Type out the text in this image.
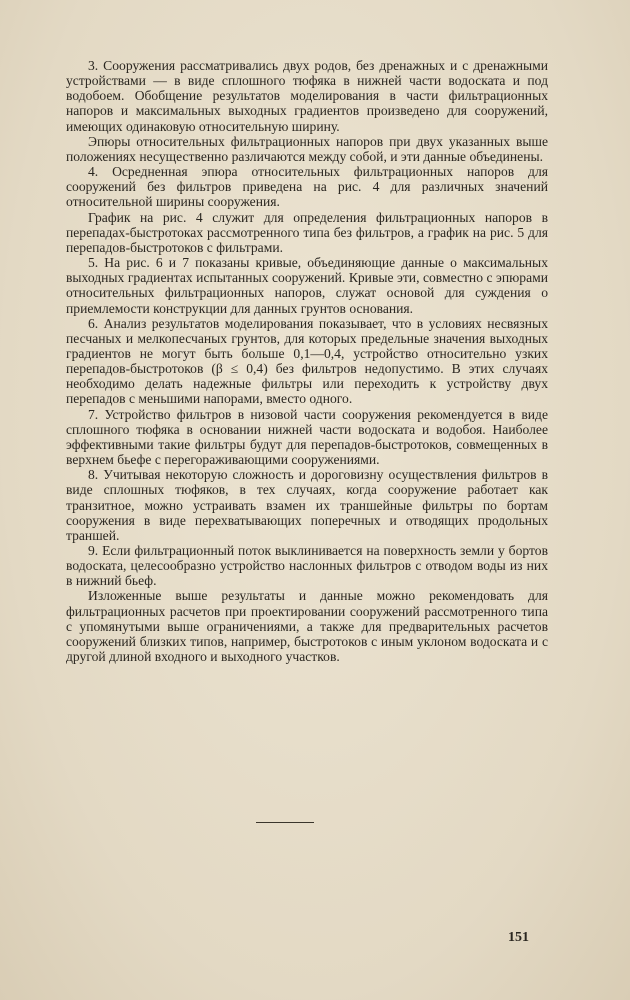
3. Сооружения рассматривались двух родов, без дренажных и с дренажными устройствами — в виде сплошного тюфяка в нижней части водоската и под водобоем. Обобщение результатов моделирования в части фильтрационных напоров и максимальных выходных градиентов произведено для сооружений, имеющих одинаковую относительную ширину.

Эпюры относительных фильтрационных напоров при двух указанных выше положениях несущественно различаются между собой, и эти данные объединены.

4. Осредненная эпюра относительных фильтрационных напоров для сооружений без фильтров приведена на рис. 4 для различных значений относительной ширины сооружения.

График на рис. 4 служит для определения фильтрационных напоров в перепадах-быстротоках рассмотренного типа без фильтров, а график на рис. 5 для перепадов-быстротоков с фильтрами.

5. На рис. 6 и 7 показаны кривые, объединяющие данные о максимальных выходных градиентах испытанных сооружений. Кривые эти, совместно с эпюрами относительных фильтрационных напоров, служат основой для суждения о приемлемости конструкции для данных грунтов основания.

6. Анализ результатов моделирования показывает, что в условиях несвязных песчаных и мелкопесчаных грунтов, для которых предельные значения выходных градиентов не могут быть больше 0,1—0,4, устройство относительно узких перепадов-быстротоков (β ≤ 0,4) без фильтров недопустимо. В этих случаях необходимо делать надежные фильтры или переходить к устройству двух перепадов с меньшими напорами, вместо одного.

7. Устройство фильтров в низовой части сооружения рекомендуется в виде сплошного тюфяка в основании нижней части водоската и водобоя. Наиболее эффективными такие фильтры будут для перепадов-быстротоков, совмещенных в верхнем бьефе с перегораживающими сооружениями.

8. Учитывая некоторую сложность и дороговизну осуществления фильтров в виде сплошных тюфяков, в тех случаях, когда сооружение работает как транзитное, можно устраивать взамен их траншейные фильтры по бортам сооружения в виде перехватывающих поперечных и отводящих продольных траншей.

9. Если фильтрационный поток выклинивается на поверхность земли у бортов водоската, целесообразно устройство наслонных фильтров с отводом воды из них в нижний бьеф.

Изложенные выше результаты и данные можно рекомендовать для фильтрационных расчетов при проектировании сооружений рассмотренного типа с упомянутыми выше ограничениями, а также для предварительных расчетов сооружений близких типов, например, быстротоков с иным уклоном водоската и с другой длиной входного и выходного участков.

151
